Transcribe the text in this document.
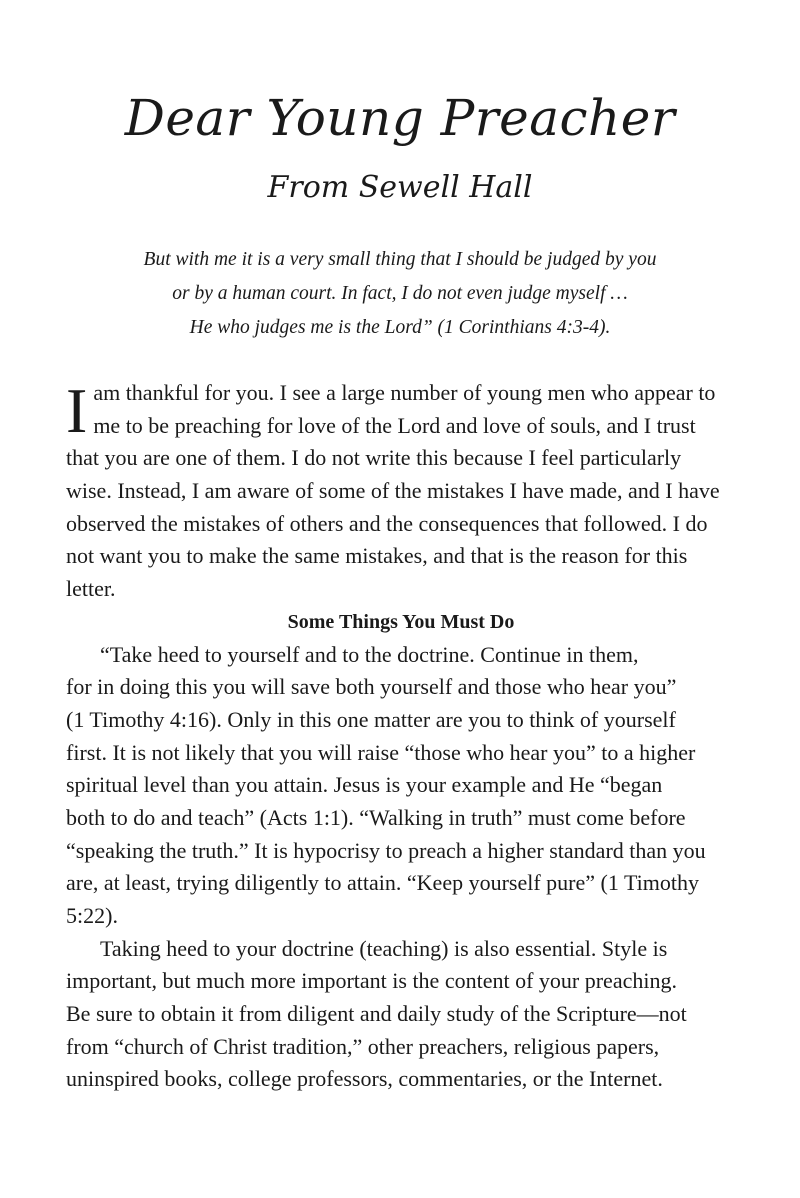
Dear Young Preacher
From Sewell Hall
But with me it is a very small thing that I should be judged by you
or by a human court. In fact, I do not even judge myself …
He who judges me is the Lord” (1 Corinthians 4:3-4).
I am thankful for you. I see a large number of young men who appear to
me to be preaching for love of the Lord and love of souls, and I trust
that you are one of them. I do not write this because I feel particularly
wise. Instead, I am aware of some of the mistakes I have made, and I have
observed the mistakes of others and the consequences that followed. I do
not want you to make the same mistakes, and that is the reason for this
letter.
Some Things You Must Do
“Take heed to yourself and to the doctrine. Continue in them,
for in doing this you will save both yourself and those who hear you”
(1 Timothy 4:16). Only in this one matter are you to think of yourself
first. It is not likely that you will raise “those who hear you” to a higher
spiritual level than you attain. Jesus is your example and He “began
both to do and teach” (Acts 1:1). “Walking in truth” must come before
“speaking the truth.” It is hypocrisy to preach a higher standard than you
are, at least, trying diligently to attain. “Keep yourself pure” (1 Timothy
5:22).
Taking heed to your doctrine (teaching) is also essential. Style is
important, but much more important is the content of your preaching.
Be sure to obtain it from diligent and daily study of the Scripture—not
from “church of Christ tradition,” other preachers, religious papers,
uninspired books, college professors, commentaries, or the Internet.
